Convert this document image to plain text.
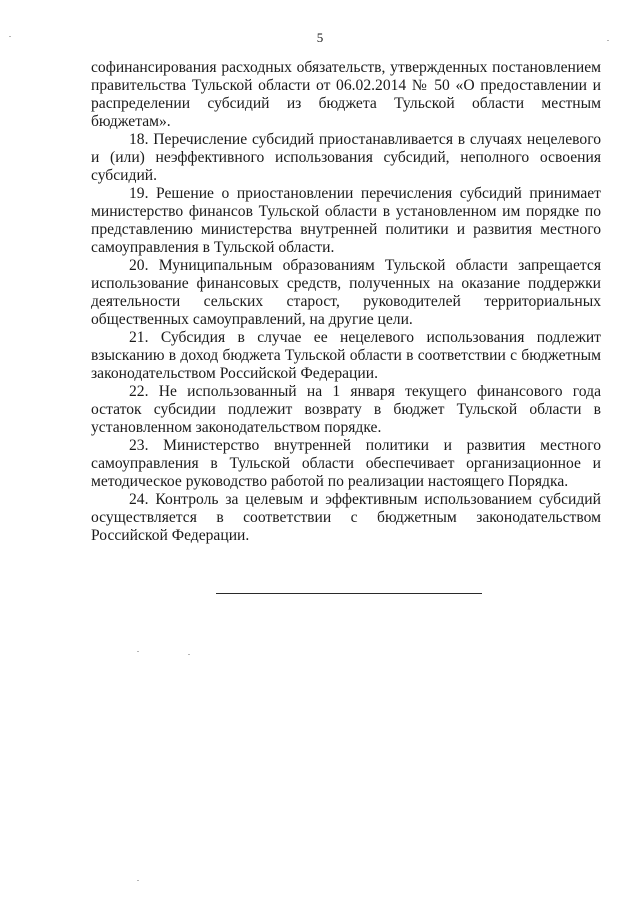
5

софинансирования расходных обязательств, утвержденных постановлением правительства Тульской области от 06.02.2014 № 50 «О предоставлении и распределении субсидий из бюджета Тульской области местным бюджетам».

18. Перечисление субсидий приостанавливается в случаях нецелевого и (или) неэффективного использования субсидий, неполного освоения субсидий.

19. Решение о приостановлении перечисления субсидий принимает министерство финансов Тульской области в установленном им порядке по представлению министерства внутренней политики и развития местного самоуправления в Тульской области.

20. Муниципальным образованиям Тульской области запрещается использование финансовых средств, полученных на оказание поддержки деятельности сельских старост, руководителей территориальных общественных самоуправлений, на другие цели.

21. Субсидия в случае ее нецелевого использования подлежит взысканию в доход бюджета Тульской области в соответствии с бюджетным законодательством Российской Федерации.

22. Не использованный на 1 января текущего финансового года остаток субсидии подлежит возврату в бюджет Тульской области в установленном законодательством порядке.

23. Министерство внутренней политики и развития местного самоуправления в Тульской области обеспечивает организационное и методическое руководство работой по реализации настоящего Порядка.

24. Контроль за целевым и эффективным использованием субсидий осуществляется в соответствии с бюджетным законодательством Российской Федерации.
